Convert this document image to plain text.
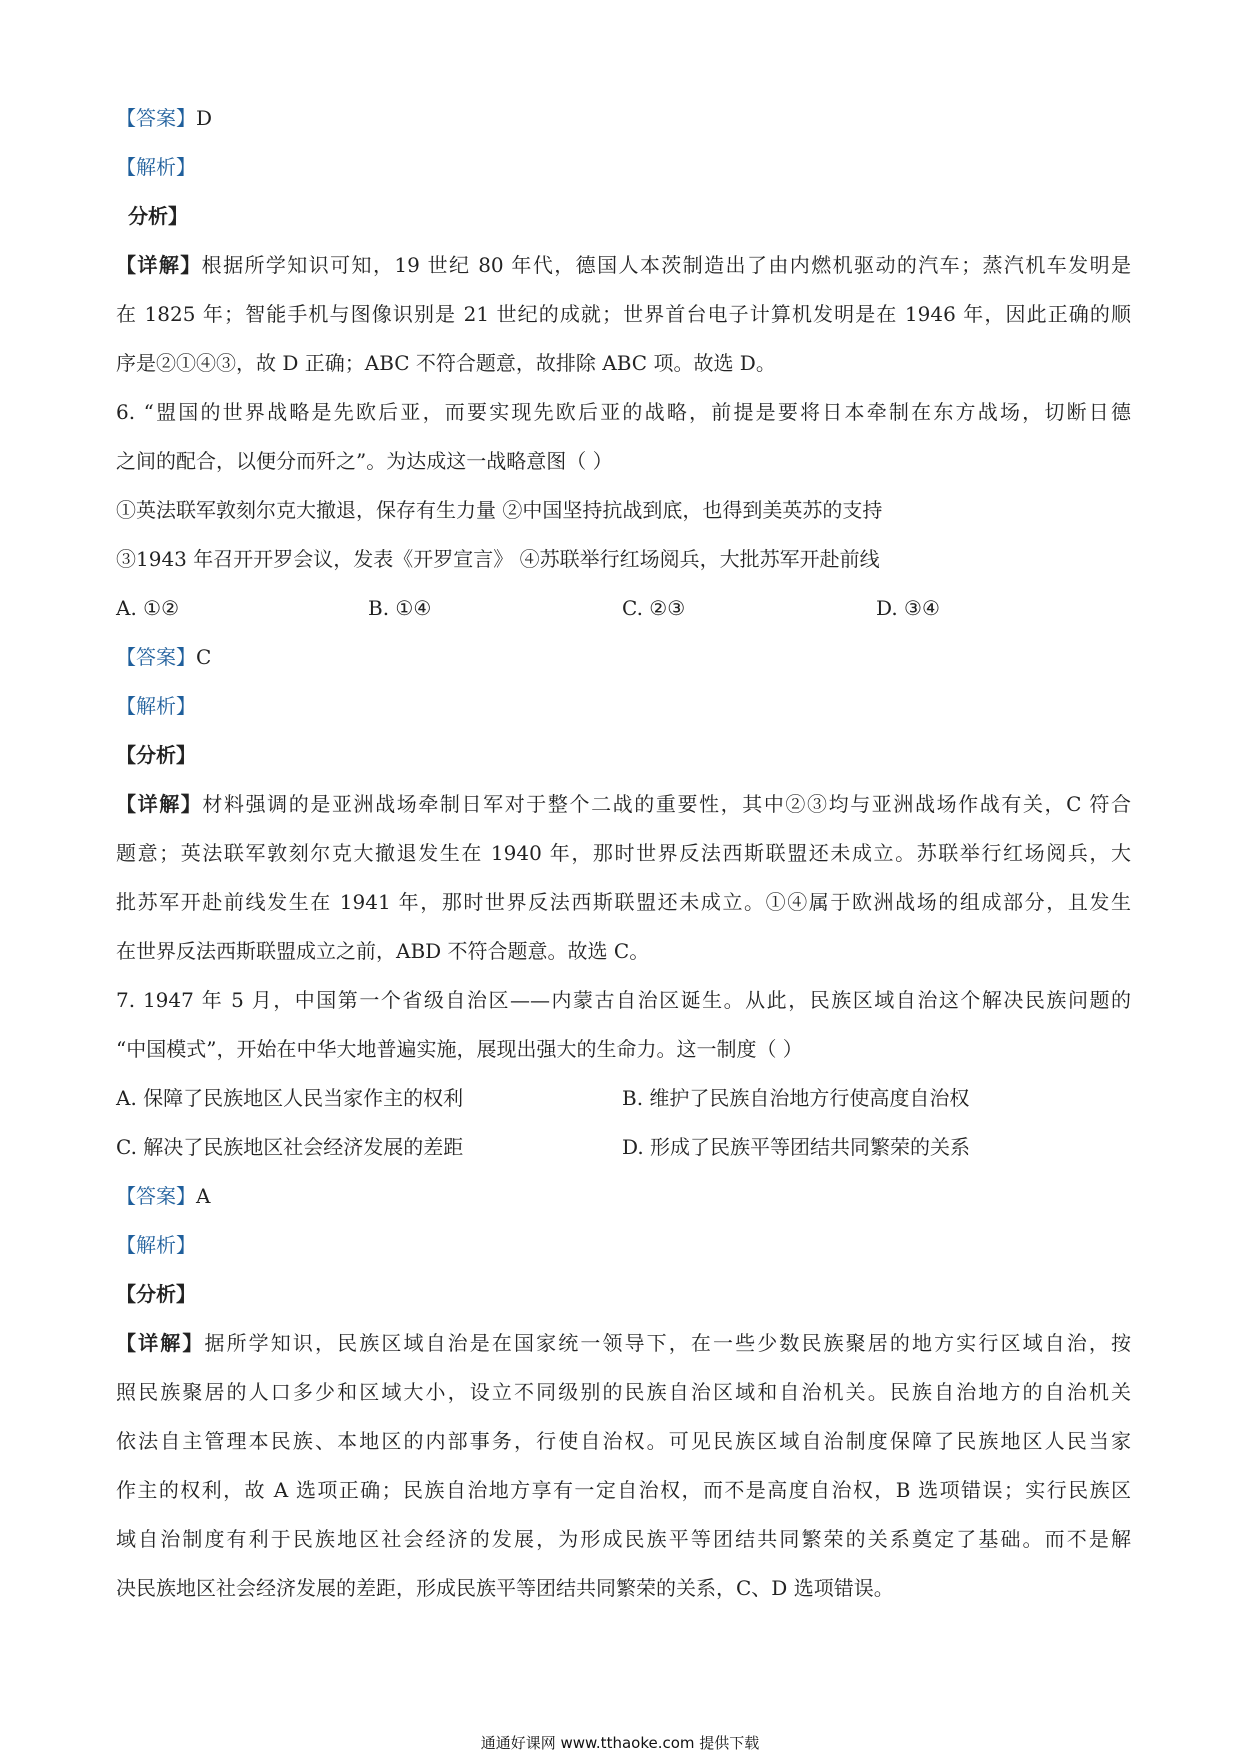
【答案】D
【解析】
分析】
【详解】根据所学知识可知，19 世纪 80 年代，德国人本茨制造出了由内燃机驱动的汽车；蒸汽机车发明是
在 1825 年；智能手机与图像识别是 21 世纪的成就；世界首台电子计算机发明是在 1946 年，因此正确的顺
序是②①④③，故 D 正确；ABC 不符合题意，故排除 ABC 项。故选 D。
6. “盟国的世界战略是先欧后亚，而要实现先欧后亚的战略，前提是要将日本牵制在东方战场，切断日德
之间的配合，以便分而歼之”。为达成这一战略意图（ ）
①英法联军敦刻尔克大撤退，保存有生力量 ②中国坚持抗战到底，也得到美英苏的支持
③1943 年召开开罗会议，发表《开罗宣言》 ④苏联举行红场阅兵，大批苏军开赴前线
A. ①②	B. ①④	C. ②③	D. ③④
【答案】C
【解析】
【分析】
【详解】材料强调的是亚洲战场牵制日军对于整个二战的重要性，其中②③均与亚洲战场作战有关，C 符合
题意；英法联军敦刻尔克大撤退发生在 1940 年，那时世界反法西斯联盟还未成立。苏联举行红场阅兵，大
批苏军开赴前线发生在 1941 年，那时世界反法西斯联盟还未成立。①④属于欧洲战场的组成部分，且发生
在世界反法西斯联盟成立之前，ABD 不符合题意。故选 C。
7. 1947 年 5 月，中国第一个省级自治区——内蒙古自治区诞生。从此，民族区域自治这个解决民族问题的
“中国模式”，开始在中华大地普遍实施，展现出强大的生命力。这一制度（ ）
A. 保障了民族地区人民当家作主的权利	B. 维护了民族自治地方行使高度自治权
C. 解决了民族地区社会经济发展的差距	D. 形成了民族平等团结共同繁荣的关系
【答案】A
【解析】
【分析】
【详解】据所学知识，民族区域自治是在国家统一领导下，在一些少数民族聚居的地方实行区域自治，按
照民族聚居的人口多少和区域大小，设立不同级别的民族自治区域和自治机关。民族自治地方的自治机关
依法自主管理本民族、本地区的内部事务，行使自治权。可见民族区域自治制度保障了民族地区人民当家
作主的权利，故 A 选项正确；民族自治地方享有一定自治权，而不是高度自治权，B 选项错误；实行民族区
域自治制度有利于民族地区社会经济的发展，为形成民族平等团结共同繁荣的关系奠定了基础。而不是解
决民族地区社会经济发展的差距，形成民族平等团结共同繁荣的关系，C、D 选项错误。
通通好课网 www.tthaoke.com 提供下载
